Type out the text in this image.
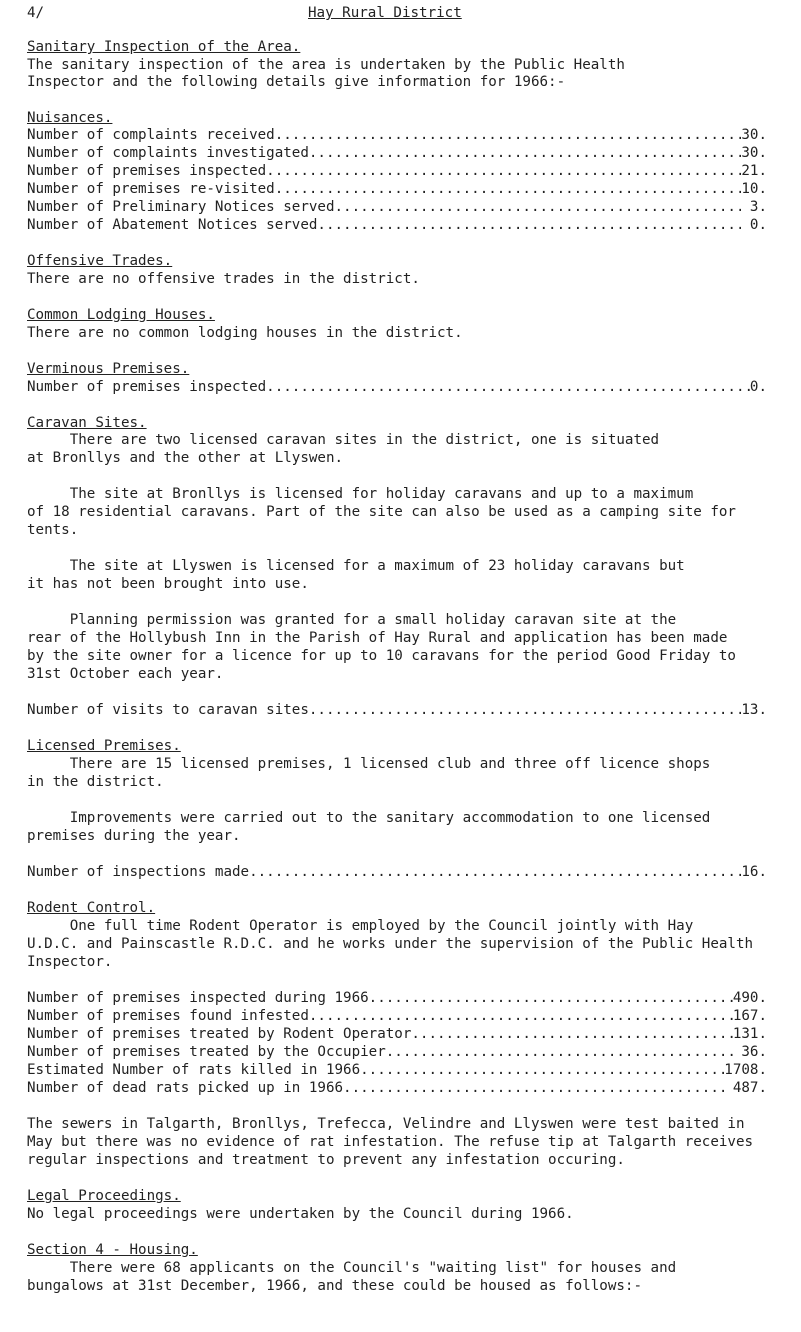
4/	Hay Rural District
Sanitary Inspection of the Area.
The sanitary inspection of the area is undertaken by the Public Health
Inspector and the following details give information for 1966:-
Nuisances.
Number of complaints received .....	30.
Number of complaints investigated .....	30.
Number of premises inspected .....	21.
Number of premises re-visited .....	10.
Number of Preliminary Notices served .....	3.
Number of Abatement Notices served .....	0.
Offensive Trades.
There are no offensive trades in the district.
Common Lodging Houses.
There are no common lodging houses in the district.
Verminous Premises.
Number of premises inspected .....	0.
Caravan Sites.
There are two licensed caravan sites in the district, one is situated
at Bronllys and the other at Llyswen.
The site at Bronllys is licensed for holiday caravans and up to a maximum
of 18 residential caravans. Part of the site can also be used as a camping site for
tents.
The site at Llyswen is licensed for a maximum of 23 holiday caravans but
it has not been brought into use.
Planning permission was granted for a small holiday caravan site at the
rear of the Hollybush Inn in the Parish of Hay Rural and application has been made
by the site owner for a licence for up to 10 caravans for the period Good Friday to
31st October each year.
Number of visits to caravan sites .....	13.
Licensed Premises.
There are 15 licensed premises, 1 licensed club and three off licence shops
in the district.
Improvements were carried out to the sanitary accommodation to one licensed
premises during the year.
Number of inspections made .....	16.
Rodent Control.
One full time Rodent Operator is employed by the Council jointly with Hay
U.D.C. and Painscastle R.D.C. and he works under the supervision of the Public Health
Inspector.
Number of premises inspected during 1966 .....	490.
Number of premises found infested .....	167.
Number of premises treated by Rodent Operator .....	131.
Number of premises treated by the Occupier .....	36.
Estimated Number of rats killed in 1966 .....	1708.
Number of dead rats picked up in 1966 .....	487.
The sewers in Talgarth, Bronllys, Trefecca, Velindre and Llyswen were test baited in
May but there was no evidence of rat infestation. The refuse tip at Talgarth receives
regular inspections and treatment to prevent any infestation occuring.
Legal Proceedings.
No legal proceedings were undertaken by the Council during 1966.
Section 4 - Housing.
There were 68 applicants on the Council's "waiting list" for houses and
bungalows at 31st December, 1966, and these could be housed as follows:-
